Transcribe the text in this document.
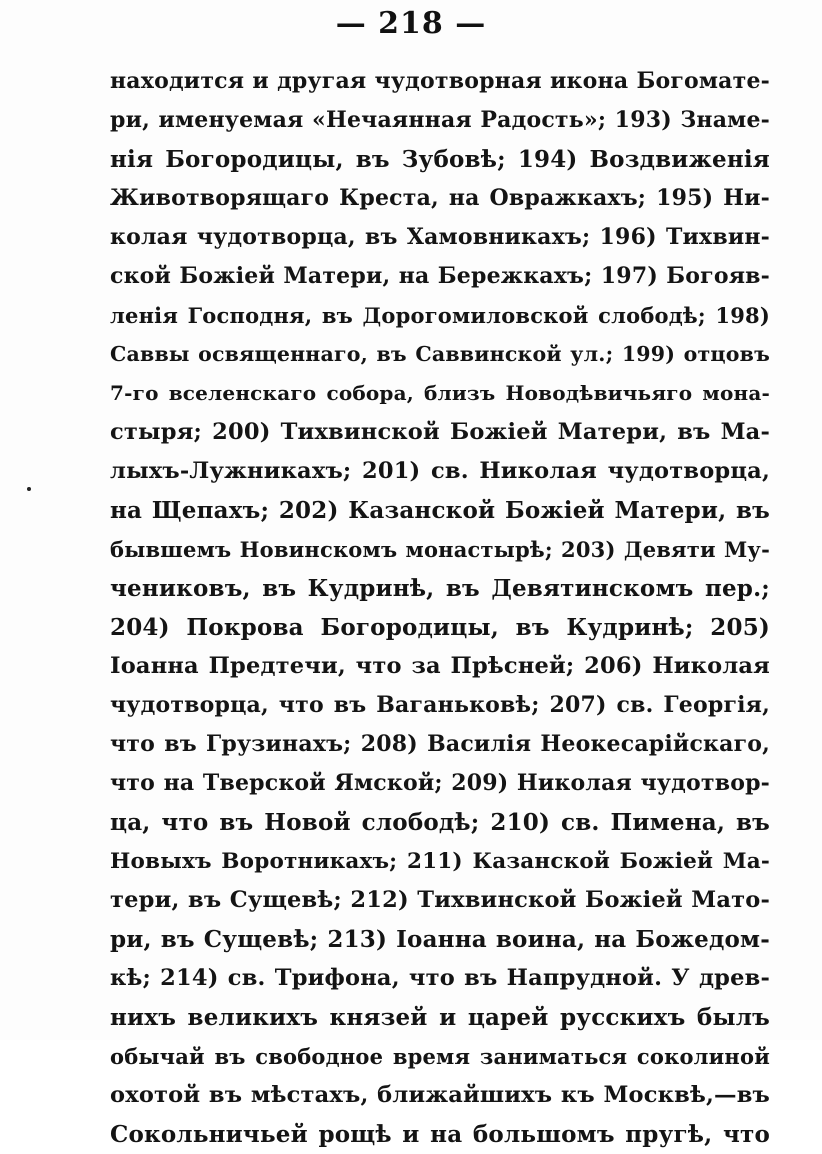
— 218 —
находится и другая чудотворная икона Богомате-
ри, именуемая «Нечаянная Радость»; 193) Знаме-
нія Богородицы, въ Зубовѣ; 194) Воздвиженія
Животворящаго Креста, на Овражкахъ; 195) Ни-
колая чудотворца, въ Хамовникахъ; 196) Тихвин-
ской Божіей Матери, на Бережкахъ; 197) Богояв-
ленія Господня, въ Дорогомиловской слободѣ; 198)
Саввы освященнаго, въ Саввинской ул.; 199) отцовъ
7-го вселенскаго собора, близъ Новодѣвичьяго мона-
стыря; 200) Тихвинской Божіей Матери, въ Ма-
лыхъ-Лужникахъ; 201) св. Николая чудотворца,
на Щепахъ; 202) Казанской Божіей Матери, въ
бывшемъ Новинскомъ монастырѣ; 203) Девяти Му-
чениковъ, въ Кудринѣ, въ Девятинскомъ пер.;
204) Покрова Богородицы, въ Кудринѣ; 205)
Іоанна Предтечи, что за Прѣсней; 206) Николая
чудотворца, что въ Ваганьковѣ; 207) св. Георгія,
что въ Грузинахъ; 208) Василія Неокесарійскаго,
что на Тверской Ямской; 209) Николая чудотвор-
ца, что въ Новой слободѣ; 210) св. Пимена, въ
Новыхъ Воротникахъ; 211) Казанской Божіей Ма-
тери, въ Сущевѣ; 212) Тихвинской Божіей Мато-
ри, въ Сущевѣ; 213) Іоанна воина, на Божедом-
кѣ; 214) св. Трифона, что въ Напрудной. У древ-
нихъ великихъ князей и царей русскихъ былъ
обычай въ свободное время заниматься соколиной
охотой въ мѣстахъ, ближайшихъ къ Москвѣ,—въ
Сокольничьей рощѣ и на большомъ пругѣ, что
